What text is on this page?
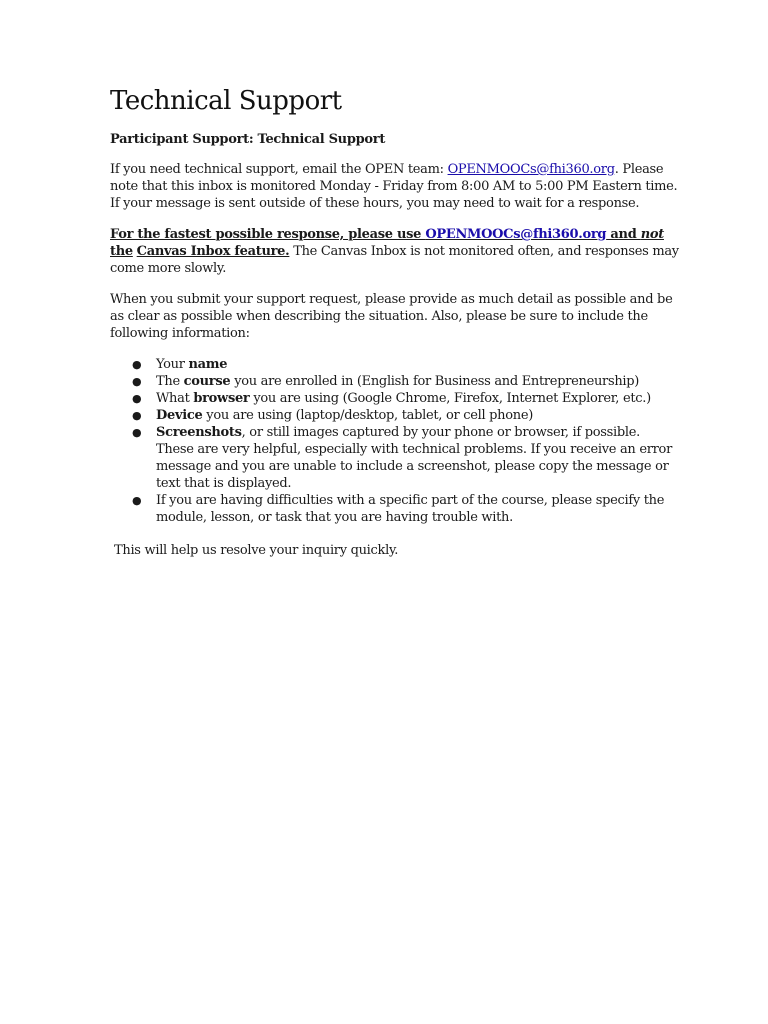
Technical Support
Participant Support: Technical Support

If you need technical support, email the OPEN team: OPENMOOCs@fhi360.org. Please note that this inbox is monitored Monday - Friday from 8:00 AM to 5:00 PM Eastern time. If your message is sent outside of these hours, you may need to wait for a response.

For the fastest possible response, please use OPENMOOCs@fhi360.org and not the Canvas Inbox feature. The Canvas Inbox is not monitored often, and responses may come more slowly.

When you submit your support request, please provide as much detail as possible and be as clear as possible when describing the situation. Also, please be sure to include the following information:

● Your name
● The course you are enrolled in (English for Business and Entrepreneurship)
● What browser you are using (Google Chrome, Firefox, Internet Explorer, etc.)
● Device you are using (laptop/desktop, tablet, or cell phone)
● Screenshots, or still images captured by your phone or browser, if possible. These are very helpful, especially with technical problems. If you receive an error message and you are unable to include a screenshot, please copy the message or text that is displayed.
● If you are having difficulties with a specific part of the course, please specify the module, lesson, or task that you are having trouble with.

This will help us resolve your inquiry quickly.
